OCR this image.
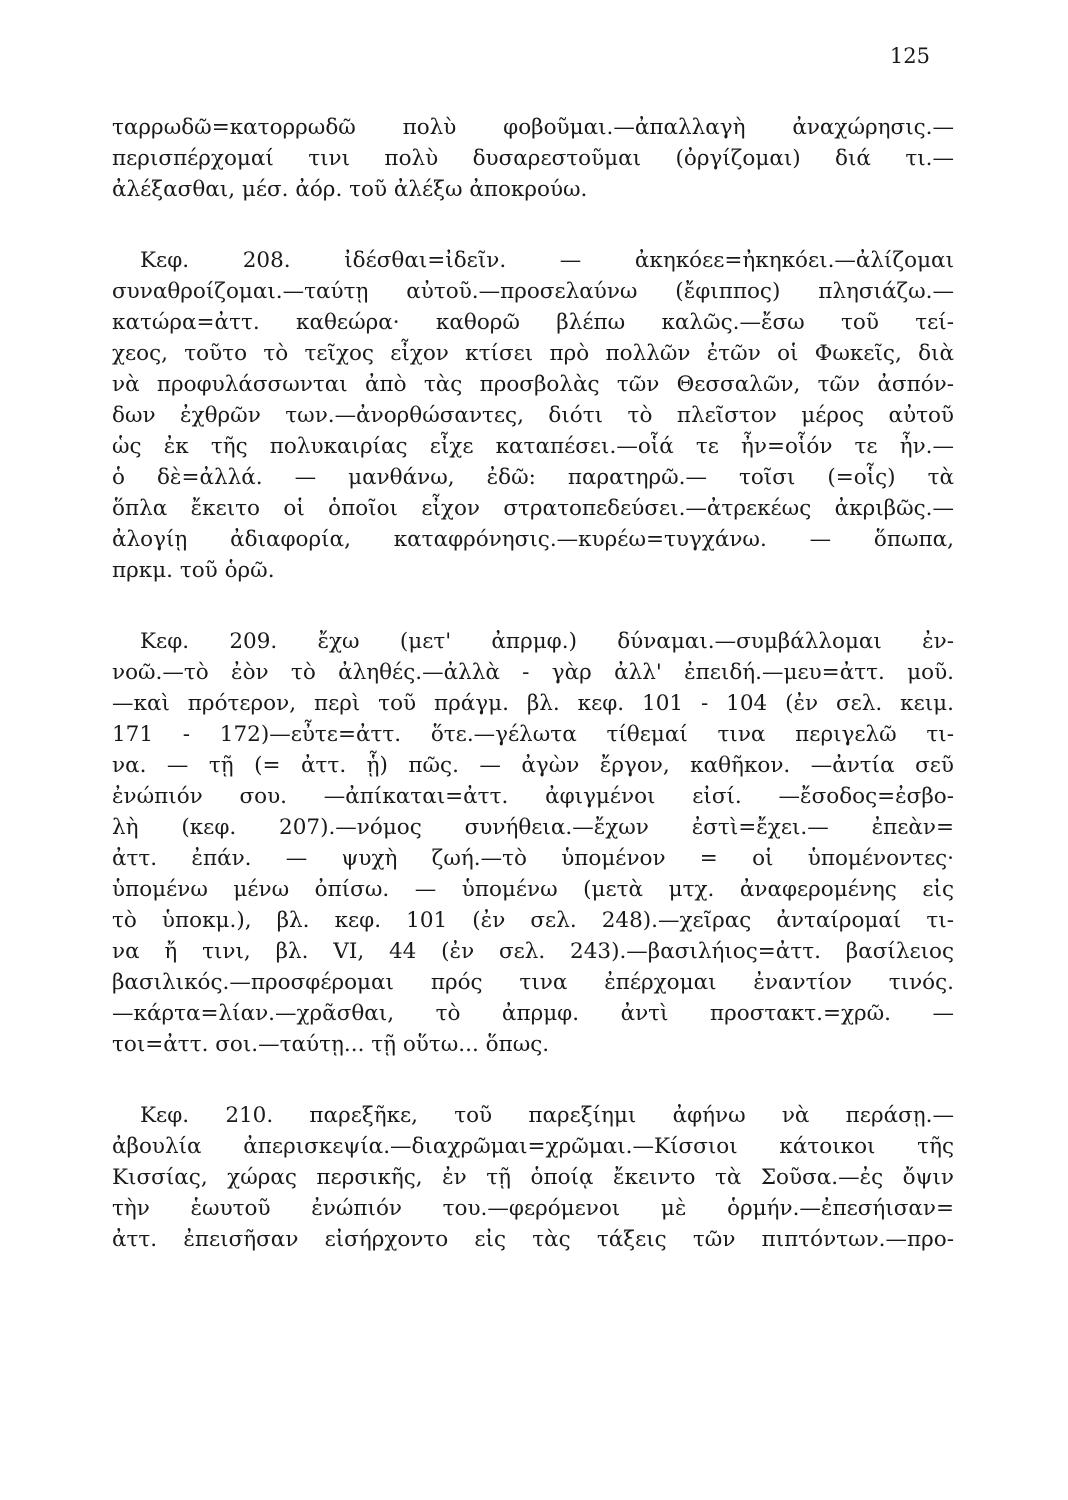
125
ταρρωδῶ=κατορρωδῶ πολὺ φοβοῦμαι.—ἀπαλλαγὴ ἀναχώρησις.—
περισπέρχομαί τινι πολὺ δυσαρεστοῦμαι (ὀργίζομαι) διά τι.—
ἀλέξασθαι, μέσ. ἀόρ. τοῦ ἀλέξω ἀποκρούω.
Κεφ. 208. ἰδέσθαι=ἰδεῖν. — ἀκηκόεε=ἠκηκόει.—ἀλίζομαι
συναθροίζομαι.—ταύτῃ αὐτοῦ.—προσελαύνω (ἔφιππος) πλησιάζω.—
κατώρα=ἀττ. καθεώρα· καθορῶ βλέπω καλῶς.—ἔσω τοῦ τεί-
χεος, τοῦτο τὸ τεῖχος εἶχον κτίσει πρὸ πολλῶν ἐτῶν οἱ Φωκεῖς, διὰ
νὰ προφυλάσσωνται ἀπὸ τὰς προσβολὰς τῶν Θεσσαλῶν, τῶν ἀσπόν-
δων ἐχθρῶν των.—ἀνορθώσαντες, διότι τὸ πλεῖστον μέρος αὐτοῦ
ὡς ἐκ τῆς πολυκαιρίας εἶχε καταπέσει.—οἷά τε ἦν=οἷόν τε ἦν.—
ὁ δὲ=ἀλλά. — μανθάνω, ἐδῶ: παρατηρῶ.— τοῖσι (=οἷς) τὰ
ὅπλα ἔκειτο οἱ ὁποῖοι εἶχον στρατοπεδεύσει.—ἀτρεκέως ἀκριβῶς.—
ἀλογίῃ ἀδιαφορία, καταφρόνησις.—κυρέω=τυγχάνω. — ὅπωπα,
πρκμ. τοῦ ὁρῶ.
Κεφ. 209. ἔχω (μετ' ἀπρμφ.) δύναμαι.—συμβάλλομαι ἐν-
νοῶ.—τὸ ἐὸν τὸ ἀληθές.—ἀλλὰ - γὰρ ἀλλ' ἐπειδή.—μευ=ἀττ. μοῦ.
—καὶ πρότερον, περὶ τοῦ πράγμ. βλ. κεφ. 101 - 104 (ἐν σελ. κειμ.
171 - 172)—εὖτε=ἀττ. ὅτε.—γέλωτα τίθεμαί τινα περιγελῶ τι-
να. — τῇ (= ἀττ. ᾗ) πῶς. — ἀγὼν ἔργον, καθῆκον. —ἀντία σεῦ
ἐνώπιόν σου. —ἀπίκαται=ἀττ. ἀφιγμένοι εἰσί. —ἔσοδος=ἐσβο-
λὴ (κεφ. 207).—νόμος συνήθεια.—ἔχων ἐστὶ=ἔχει.— ἐπεὰν=
ἀττ. ἐπάν. — ψυχὴ ζωή.—τὸ ὑπομένον = οἱ ὑπομένοντες·
ὑπομένω μένω ὀπίσω. — ὑπομένω (μετὰ μτχ. ἀναφερομένης εἰς
τὸ ὑποκμ.), βλ. κεφ. 101 (ἐν σελ. 248).—χεῖρας ἀνταίρομαί τι-
να ἤ τινι, βλ. VI, 44 (ἐν σελ. 243).—βασιλήιος=ἀττ. βασίλειος
βασιλικός.—προσφέρομαι πρός τινα ἐπέρχομαι ἐναντίον τινός.
—κάρτα=λίαν.—χρᾶσθαι, τὸ ἀπρμφ. ἀντὶ προστακτ.=χρῶ. —
τοι=ἀττ. σοι.—ταύτῃ... τῇ οὕτω... ὅπως.
Κεφ. 210. παρεξῆκε, τοῦ παρεξίημι ἀφήνω νὰ περάσῃ.—
ἀβουλία ἀπερισκεψία.—διαχρῶμαι=χρῶμαι.—Κίσσιοι κάτοικοι τῆς
Κισσίας, χώρας περσικῆς, ἐν τῇ ὁποίᾳ ἔκειντο τὰ Σοῦσα.—ἐς ὄψιν
τὴν ἑωυτοῦ ἐνώπιόν του.—φερόμενοι μὲ ὁρμήν.—ἐπεσήισαν=
ἀττ. ἐπεισῆσαν εἰσήρχοντο εἰς τὰς τάξεις τῶν πιπτόντων.—προ-
